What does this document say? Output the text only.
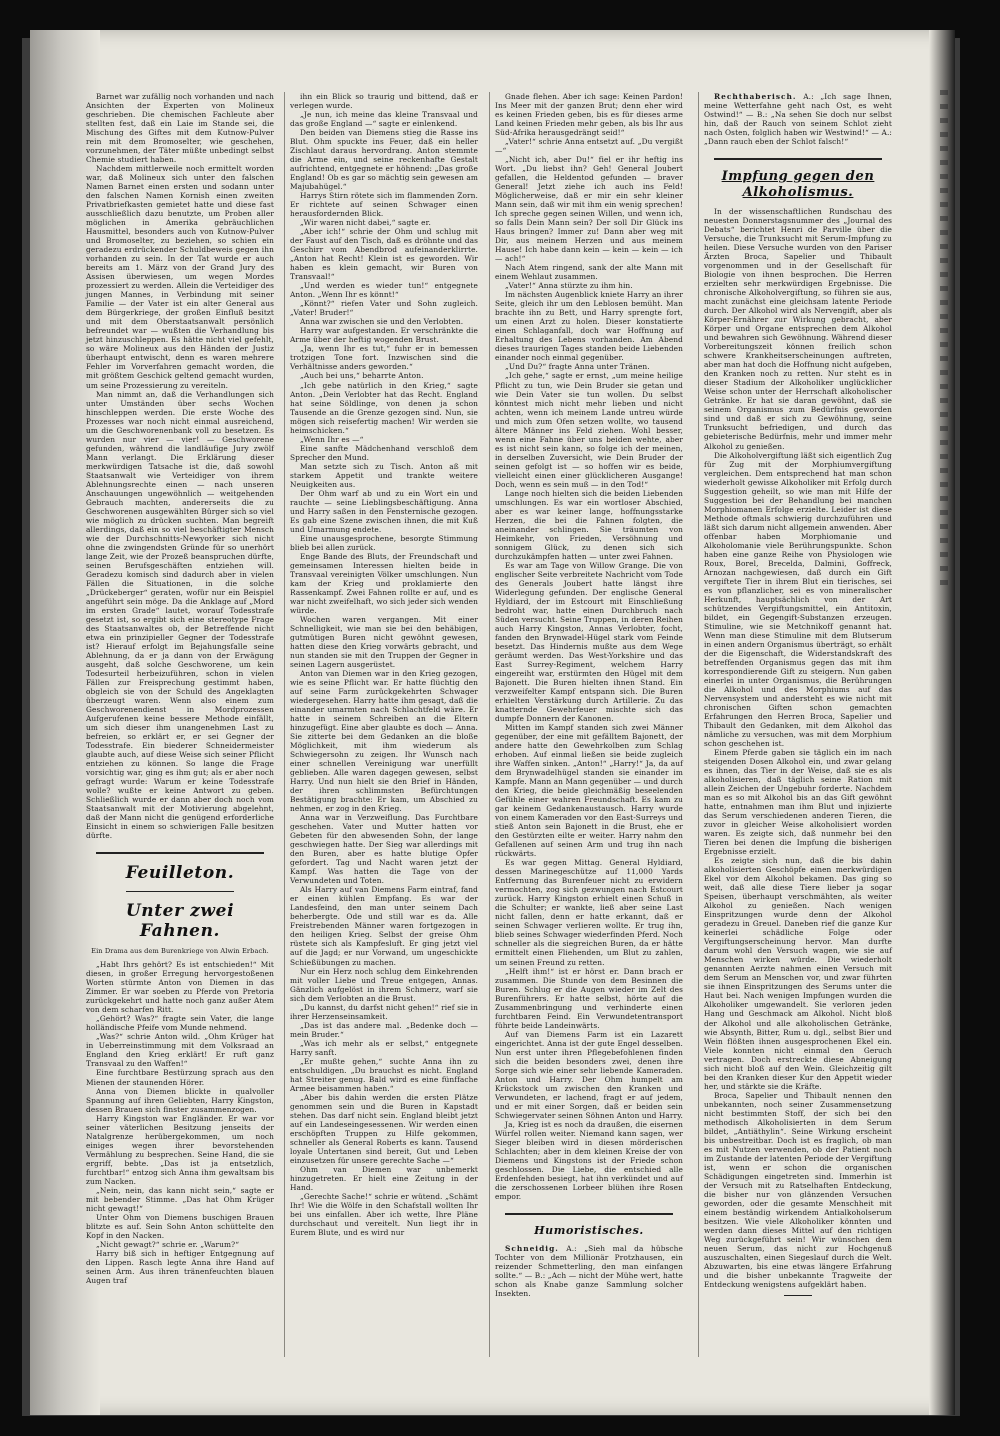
Barnet war zufällig noch vorhanden und nach Ansichten der Experten von Molineux geschrieben. Die chemischen Fachleute aber stellten fest, daß ein Laie im Stande sei, die Mischung des Giftes mit dem Kutnow-Pulver rein mit dem Bromoselter, wie geschehen, vorzunehmen, der Täter müßte unbedingt selbst Chemie studiert haben.

Nachdem mittlerweile noch ermittelt worden war, daß Molineux sich unter den falschen Namen Barnet einen ersten und sodann unter den falschen Namen Kornish einen zweiten Privatbriefkasten gemietet hatte und diese fast ausschließlich dazu benutzte, um Proben aller möglichen in Amerika gebräuchlichen Hausmittel, besonders auch von Kutnow-Pulver und Bromoselter, zu beziehen, so schien ein geradezu erdrückender Schuldbeweis gegen ihn vorhanden zu sein. In der Tat wurde er auch bereits am 1. März von der Grand Jury des Assisen überwiesen, um wegen Mordes prozessiert zu werden. Allein die Verteidiger des jungen Mannes, in Verbindung mit seiner Familie — der Vater ist ein alter General aus dem Bürgerkriege, der großen Einfluß besitzt und mit dem Oberstaatsanwalt persönlich befreundet war — wußten die Verhandlung bis jetzt hinzuschleppen. Es hätte nicht viel gefehlt, so wäre Molineux aus den Händen der Justiz überhaupt entwischt, denn es waren mehrere Fehler im Vorverfahren gemacht worden, die mit größtem Geschick geltend gemacht wurden, um seine Prozessierung zu vereiteln.

Man nimmt an, daß die Verhandlungen sich unter Umständen über sechs Wochen hinschleppen werden. Die erste Woche des Prozesses war noch nicht einmal ausreichend, um die Geschworenenbank voll zu besetzen. Es wurden nur vier — vier! — Geschworene gefunden, während die landläufige Jury zwölf Mann verlangt. Die Erklärung dieser merkwürdigen Tatsache ist die, daß sowohl Staatsanwalt wie Verteidiger von ihrem Ablehnungsrechte einen — nach unseren Anschauungen ungewöhnlich — weitgehenden Gebrauch machten, andererseits die zu Geschworenen ausgewählten Bürger sich so viel wie möglich zu drücken suchten. Man begreift allerdings, daß ein so viel beschäftigter Mensch wie der Durchschnitts-Newyorker sich nicht ohne die zwingendsten Gründe für so unerhört lange Zeit, wie der Prozeß beanspruchen dürfte, seinen Berufsgeschäften entziehen will. Geradezu komisch sind dadurch aber in vielen Fällen die Situationen, in die solche „Drückeberger“ geraten, wofür nur ein Beispiel angeführt sein möge. Da die Anklage auf „Mord im ersten Grade“ lautet, worauf Todesstrafe gesetzt ist, so ergibt sich eine stereotype Frage des Staatsanwaltes ob, der Betreffende nicht etwa ein prinzipieller Gegner der Todesstrafe ist? Hierauf erfolgt im Bejahungsfalle seine Ablehnung, da er ja dann von der Erwägung ausgeht, daß solche Geschworene, um kein Todesurteil herbeizuführen, schon in vielen Fällen zur Freisprechung gestimmt haben, obgleich sie von der Schuld des Angeklagten überzeugt waren. Wenn also einem zum Geschworenendienst in Mordprozessen Aufgerufenen keine bessere Methode einfällt, um sich dieser ihm unangenehmen Last zu befreien, so erklärt er, er sei Gegner der Todesstrafe. Ein biederer Schneidermeister glaubte auch, auf diese Weise sich seiner Pflicht entziehen zu können. So lange die Frage vorsichtig war, ging es ihm gut; als er aber noch gefragt wurde: Warum er keine Todesstrafe wolle? wußte er keine Antwort zu geben. Schließlich wurde er dann aber doch noch vom Staatsanwalt mit der Motivierung abgelehnt, daß der Mann nicht die genügend erforderliche Einsicht in einem so schwierigen Falle besitzen dürfte.

Feuilleton.
Unter zwei Fahnen.
Ein Drama aus dem Burenkriege von Alwin Erbach.

„Habt Ihrs gehört? Es ist entschieden!“ Mit diesen, in großer Erregung hervorgestoßenen Worten stürmte Anton von Diemen in das Zimmer. Er war soeben zu Pferde von Pretoria zurückgekehrt und hatte noch ganz außer Atem von dem scharfen Ritt.

„Gehört? Was?“ fragte sein Vater, die lange holländische Pfeife vom Munde nehmend.

„Was?“ schrie Anton wild. „Ohm Krüger hat in Ueberreinstimmung mit dem Volksraad an England den Krieg erklärt! Er ruft ganz Transvaal zu den Waffen!“

Eine furchtbare Bestürzung sprach aus den Mienen der staunenden Hörer.

Anna von Diemen blickte in qualvoller Spannung auf ihren Geliebten, Harry Kingston, dessen Brauen sich finster zusammenzogen.

Harry Kingston war Engländer. Er war vor seiner väterlichen Besitzung jenseits der Natalgrenze herübergekommen, um noch einiges wegen ihrer bevorstehenden Vermählung zu besprechen. Seine Hand, die sie ergriff, bebte. „Das ist ja entsetzlich, furchtbar!“ entzog sich Anna ihm gewaltsam bis zum Nacken.

„Nein, nein, das kann nicht sein,“ sagte er mit bebender Stimme. „Das hat Ohm Krüger nicht gewagt!“

Unter Ohm von Diemens buschigen Brauen blitzte es auf. Sein Sohn Anton schüttelte den Kopf in den Nacken.

„Nicht gewagt?“ schrie er. „Warum?“

Harry biß sich in heftiger Entgegnung auf den Lippen. Rasch legte Anna ihre Hand auf seinen Arm. Aus ihren tränenfeuchten blauen Augen traf

ihn ein Blick so traurig und bittend, daß er verlegen wurde.

„Je nun, ich meine das kleine Transvaal und das große England —“ sagte er einlenkend.

Den beiden van Diemens stieg die Rasse ins Blut. Ohm spuckte ins Feuer, daß ein heller Zischlaut daraus hervordrang. Anton stemmte die Arme ein, und seine reckenhafte Gestalt aufrichtend, entgegnete er höhnend: „Das große England! Ob es gar so mächtig sein gewesen am Majubahügel.“

Harrys Stirn rötete sich im flammenden Zorn. Er richtete auf seinen Schwager einen herausfordernden Blick.

„Wir waren nicht dabei,“ sagte er.

„Aber ich!“ schrie der Ohm und schlug mit der Faust auf den Tisch, daß es dröhnte und das Geschirr vom Abendbrod aufeinanderklirrte. „Anton hat Recht! Klein ist es geworden. Wir haben es klein gemacht, wir Buren von Transvaal!“

„Und werden es wieder tun!“ entgegnete Anton. „Wenn Ihr es könnt!“

„Könnt?“ riefen Vater und Sohn zugleich. „Vater! Bruder!“

Anna war zwischen sie und den Verlobten.

Harry war aufgestanden. Er verschränkte die Arme über der heftig wogenden Brust.

„Ja, wenn Ihr es tut,“ fuhr er in bemessen trotzigen Tone fort. Inzwischen sind die Verhältnisse anders geworden.“

„Auch bei uns,“ beharrte Anton.

„Ich gebe natürlich in den Krieg,“ sagte Anton. „Dein Verlobter hat das Recht. England hat seine Söldlinge, von denen ja schon Tausende an die Grenze gezogen sind. Nun, sie mögen sich reisefertig machen! Wir werden sie heimschicken.“

„Wenn Ihr es —“

Eine sanfte Mädchenhand verschloß dem Sprecher den Mund.

Man setzte sich zu Tisch. Anton aß mit starkem Appetit und trankte weitere Neuigkeiten aus.

Der Ohm warf ab und zu ein Wort ein und rauchte — seine Lieblingsbeschäftigung. Anna und Harry saßen in den Fensternische gezogen. Es gab eine Szene zwischen ihnen, die mit Kuß und Umarmung endete.

Eine unausgesprochene, besorgte Stimmung blieb bei allen zurück.

Enge Bande des Bluts, der Freundschaft und gemeinsamen Interessen hielten beide in Transvaal vereinigten Völker umschlungen. Nun kam der Krieg und proklamierte den Rassenkampf. Zwei Fahnen rollte er auf, und es war nicht zweifelhaft, wo sich jeder sich wenden würde.

Wochen waren vergangen. Mit einer Schnelligkeit, wie man sie bei den behäbigen, gutmütigen Buren nicht gewöhnt gewesen, hatten diese den Krieg vorwärts gebracht, und nun standen sie mit den Truppen der Gegner in seinen Lagern ausgerüstet.

Anton van Diemen war in den Krieg gezogen, wie es seine Pflicht war. Er hatte flüchtig den auf seine Farm zurückgekehrten Schwager wiedergesehen. Harry hatte ihm gesagt, daß die einander umarmten nach Schlachtfeld wäre. Er hatte in seinem Schreiben an die Eltern hinzugefügt. Eine aber glaubte es doch — Anna. Sie zitterte bei dem Gedanken an die bloße Möglichkeit, mit ihm wiederum als Schwiegersohn zu zeigen. Ihr Wunsch nach einer schnellen Vereinigung war unerfüllt geblieben. Alle waren dagegen gewesen, selbst Harry. Und nun hielt sie den Brief in Händen, der ihren schlimmsten Befürchtungen Bestätigung brachte: Er kam, um Abschied zu nehmen, er zog in den Krieg.

Anna war in Verzweiflung. Das Furchtbare geschehen. Vater und Mutter hatten vor Gebeten für den abwesenden Sohn, der lange geschwiegen hatte. Der Sieg war allerdings mit den Buren, aber es hatte blutige Opfer gefordert. Tag und Nacht waren jetzt der Kampf. Was hatten die Tage von der Verwundeten und Toten.

Als Harry auf van Diemens Farm eintraf, fand er einen kühlen Empfang. Es war der Landesfeind, den man unter seinem Dach beherbergte. Ode und still war es da. Alle Freistrebenden Männer waren fortgezogen in den heiligen Krieg. Selbst der greise Ohm rüstete sich als Kampfesluft. Er ging jetzt viel auf die Jagd; er nur Vorwand, um ungeschickte Schießübungen zu machen.

Nur ein Herz noch schlug dem Einkehrenden mit voller Liebe und Treue entgegen, Annas. Gänzlich aufgelöst in ihrem Schmerz, warf sie sich dem Verlobten an die Brust.

„Du kannst, du darfst nicht gehen!“ rief sie in ihrer Herzenseinsamkeit.

„Das ist das andere mal. „Bedenke doch — mein Bruder.“

„Was ich mehr als er selbst,“ entgegnete Harry sanft.

„Er mußte gehen,“ suchte Anna ihn zu entschuldigen. „Du brauchst es nicht. England hat Streiter genug. Bald wird es eine fünffache Armee beisammen haben.“

„Aber bis dahin werden die ersten Plätze genommen sein und die Buren in Kapstadt stehen. Das darf nicht sein. England bleibt jetzt auf ein Landeseingesessenen. Wir werden einen erschöpften Truppen zu Hilfe gekommen, schneller als General Roberts es kann. Tausend loyale Untertanen sind bereit, Gut und Leben einzusetzen für unsere gerechte Sache —“

Ohm van Diemen war unbemerkt hinzugetreten. Er hielt eine Zeitung in der Hand.

„Gerechte Sache!“ schrie er wütend. „Schämt Ihr! Wie die Wölfe in den Schafstall wollten Ihr bei uns einfallen. Aber ich wette, Ihre Pläne durchschaut und vereitelt. Nun liegt ihr in Eurem Blute, und es wird nur

Gnade flehen. Aber ich sage: Keinen Pardon! Ins Meer mit der ganzen Brut; denn eher wird es keinen Frieden geben, bis es für dieses arme Land keinen Frieden mehr geben, als bis Ihr aus Süd-Afrika herausgedrängt seid!“

„Vater!“ schrie Anna entsetzt auf. „Du vergißt —“

„Nicht ich, aber Du!“ fiel er ihr heftig ins Wort. „Du liebst ihn? Geh! General Joubert gefallen, die Heldentod gefunden — braver General! Jetzt ziehe ich auch ins Feld! Möglicherweise, daß er mir ein sehr kleiner Mann sein, daß wir mit ihm ein wenig sprechen! Ich spreche gegen seinen Willen, und wenn ich, so falls Dein Mann sein? Der soll Dir Glück ins Haus bringen? Immer zu! Dann aber weg mit Dir, aus meinem Herzen und aus meinem Hause! Ich habe dann kein — kein — kein — ich — ach!“

Nach Atem ringend, sank der alte Mann mit einem Wehlaut zusammen.

„Vater!“ Anna stürzte zu ihm hin.

Im nächsten Augenblick kniete Harry an ihrer Seite, gleich ihr um den Leblosen bemüht. Man brachte ihn zu Bett, und Harry sprengte fort, um einen Arzt zu holen. Dieser konstatierte einen Schlaganfall, doch war Hoffnung auf Erhaltung des Lebens vorhanden. Am Abend dieses traurigen Tages standen beide Liebenden einander noch einmal gegenüber.

„Und Du?“ fragte Anna unter Tränen.

„Ich gehe,“ sagte er ernst, „um meine heilige Pflicht zu tun, wie Dein Bruder sie getan und wie Dein Vater sie tun wollen. Du selbst könntest mich nicht mehr lieben und nicht achten, wenn ich meinem Lande untreu würde und mich zum Ofen setzen wollte, wo tausend ältere Männer ins Feld ziehen. Wohl besser, wenn eine Fahne über uns beiden wehte, aber es ist nicht sein kann, so folge ich der meinen, in derselben Zuversicht, wie Dein Bruder der seinen gefolgt ist — so hoffen wir es beide, vielleicht einen einer glücklicheren Ausgange! Doch, wenn es sein muß — in den Tod!“

Lange noch hielten sich die beiden Liebenden umschlungen. Es war ein wortloser Abschied, aber es war keiner lange, hoffnungsstarke Herzen, die bei die Fahnen folgten, die aneinander schlingen. Sie träumten von Heimkehr, von Frieden, Versöhnung und sonnigem Glück, zu denen sich sich durchzukämpfen hatten — unter zwei Fahnen.

Es war am Tage von Willow Grange. Die von englischer Seite verbreitete Nachricht vom Tode des Generals Joubert hatte längst ihre Widerlegung gefunden. Der englische General Hyldiard, der im Estcourt mit Einschließung bedroht war, hatte einen Durchbruch nach Süden versucht. Seine Truppen, in deren Reihen auch Harry Kingston, Annas Verlobter, focht, fanden den Brynwadel-Hügel stark vom Feinde besetzt. Das Hindernis mußte aus dem Wege geräumt werden. Das West-Yorkshire und das East Surrey-Regiment, welchem Harry eingereiht war, erstürmten den Hügel mit dem Bajonett. Die Buren hielten ihnen Stand. Ein verzweifelter Kampf entspann sich. Die Buren erhielten Verstärkung durch Artillerie. Zu das knatternde Gewehrfeuer mischte sich das dumpfe Donnern der Kanonen.

Mitten im Kampf standen sich zwei Männer gegenüber, der eine mit gefälltem Bajonett, der andere hatte den Gewehrkolben zum Schlag erhoben. Auf einmal ließen sie beide zugleich ihre Waffen sinken. „Anton!“ „Harry!“ Ja, da auf dem Brynwadelhügel standen sie einander im Kampfe. Mann an Mann gegenüber — und durch den Krieg, die beide gleichmäßig beseelenden Gefühle einer wahren Freundschaft. Es kam zu gar keinem Gedankenaustausch. Harry wurde von einem Kameraden vor den East-Surreys und stieß Anton sein Bajonett in die Brust, ehe er den Gestürzten eilte er weiter. Harry nahm den Gefallenen auf seinen Arm und trug ihn nach rückwärts.

Es war gegen Mittag. General Hyldiard, dessen Marinegeschütze auf 11,000 Yards Entfernung das Burenfeuer nicht zu erwidern vermochten, zog sich gezwungen nach Estcourt zurück. Harry Kingston erhielt einen Schuß in die Schulter; er wankte, ließ aber seine Last nicht fallen, denn er hatte erkannt, daß er seinen Schwager verlieren wollte. Er trug ihn, blieb seines Schwager wiederfinden Pferd. Noch schneller als die siegreichen Buren, da er hätte ermittelt einen Fliehenden, um Blut zu zahlen, um seinen Freund zu retten.

„Helft ihm!“ ist er hörst er. Dann brach er zusammen. Die Stunde von dem Besinnen die Buren. Schlug er die Augen wieder im Zelt des Burenführers. Er hatte selbst, hörte auf die Zusammenbringung und verhinderte einen furchtbaren Feind. Ein Verwundetentransport führte beide Landeinwärts.

Auf van Diemens Farm ist ein Lazarett eingerichtet. Anna ist der gute Engel desselben. Nun erst unter ihren Pflegebefohlenen finden sich die beiden besonders zwei, denen ihre Sorge sich wie einer sehr liebende Kameraden. Anton und Harry. Der Ohm humpelt am Krückstock um zwischen den Kranken und Verwundeten, er lachend, fragt er auf jedem, und er mit einer Sorgen, daß er beiden sein Schwiegervater seinen Söhnen Anton und Harry.

Ja, Krieg ist es noch da draußen, die eisernen Würfel rollen weiter. Niemand kann sagen, wer Sieger bleiben wird in diesen mörderischen Schlachten; aber in dem kleinen Kreise der von Diemens und Kingstons ist der Friede schon geschlossen. Die Liebe, die entschied alle Erdenfehden besiegt, hat ihn verkündet und auf die zerschossenen Lorbeer blühen ihre Rosen empor.

Humoristisches.

Schneidig. A.: „Sieh mal da hübsche Tochter von dem Millionär Protzhausen, ein reizender Schmetterling, den man einfangen sollte.“ — B.: „Ach — nicht der Mühe wert, hatte schon als Knabe ganze Sammlung solcher Insekten.

Rechthaberisch. A.: „Ich sage Ihnen, meine Wetterfahne geht nach Ost, es weht Ostwind!“ — B.: „Na sehen Sie doch nur selbst hin, daß der Rauch von seinem Schlot zieht nach Osten, folglich haben wir Westwind!“ — A.: „Dann rauch eben der Schlot falsch!“

Impfung gegen den Alkoholismus.

In der wissenschaftlichen Rundschau des neuesten Donnerstagsnummer des „Journal des Debats“ berichtet Henri de Parville über die Versuche, die Trunksucht mit Serum-Impfung zu heilen. Diese Versuche wurden von den Pariser Ärzten Broca, Sapelier und Thibault vorgenommen und in der Gesellschaft für Biologie von ihnen besprochen. Die Herren erzielten sehr merkwürdigen Ergebnisse. Die chronische Alkoholvergiftung, so führen sie aus, macht zunächst eine gleichsam latente Periode durch. Der Alkohol wird als Nervengift, aber als Körper-Ernährer zur Wirkung gebracht, aber Körper und Organe entsprechen dem Alkohol und bewahren sich Gewöhnung. Während dieser Vorbereitungszeit können freilich schon schwere Krankheitserscheinungen auftreten, aber man hat doch die Hoffnung nicht aufgeben, den Kranken noch zu retten. Nur steht es in dieser Stadium der Alkoholiker unglücklicher Weise schon unter der Herrschaft alkoholischer Getränke. Er hat sie daran gewöhnt, daß sie seinem Organismus zum Bedürfnis geworden sind und daß er sich zu Gewöhnung, seine Trunksucht befriedigen, und durch das gebieterische Bedürfnis, mehr und immer mehr Alkohol zu genießen.

Die Alkoholvergiftung läßt sich eigentlich Zug für Zug mit der Morphiumvergiftung vergleichen. Dem entsprechend hat man schon wiederholt gewisse Alkoholiker mit Erfolg durch Suggestion geheilt, so wie man mit Hilfe der Suggestion bei der Behandlung bei manchen Morphiomanen Erfolge erzielte. Leider ist diese Methode oftmals schwierig durchzuführen und läßt sich darum nicht allgemein anwenden. Aber offenbar haben Morphiomanie und Alkoholomanie viele Berührungspunkte. Schon haben eine ganze Reihe von Physiologen wie Roux, Borel, Brecelda, Dalmini, Goffreck, Arnozan nachgewiesen, daß durch ein Gift vergiftete Tier in ihrem Blut ein tierisches, sei es von pflanzlicher, sei es von mineralischer Herkunft, hauptsächlich von der Art schützendes Vergiftungsmittel, ein Antitoxin, bildet, ein Gegengift-Substanzen erzeugen. Stimuline, wie sie Metchnikoff genannt hat. Wenn man diese Stimuline mit dem Blutserum in einen andern Organismus überträgt, so erhält der die Eigenschaft, die Widerstandskraft des betreffenden Organismus gegen das mit ihm korrespondierende Gift zu steigern. Nun gaben einerlei in unter Organismus, die Berührungen die Alkohol und des Morphiums auf das Nervensystem und andersteht es wie nicht mit chronischen Giften schon gemachten Erfahrungen den Herren Broca, Sapelier und Thibault den Gedanken, mit dem Alkohol das nämliche zu versuchen, was mit dem Morphium schon geschehen ist.

Einem Pferde gaben sie täglich ein im nach steigenden Dosen Alkohol ein, und zwar gelang es ihnen, das Tier in der Weise, daß sie es als alkoholisieren, daß täglich seine Ration mit allein Zeichen der Ungebuhr forderte. Nachdem man es so mit Alkohol bis an das Gift gewöhnt hatte, entnahmen man ihm Blut und injizierte das Serum verschiedenen anderen Tieren, die zuvor in gleicher Weise alkoholisiert worden waren. Es zeigte sich, daß nunmehr bei den Tieren bei denen die Impfung die bisherigen Ergebnisse erzielt.

Es zeigte sich nun, daß die bis dahin alkoholisierten Geschöpfe einen merkwürdigen Ekel vor dem Alkohol bekamen. Das ging so weit, daß alle diese Tiere lieber ja sogar Speisen, überhaupt verschmähten, als weiter Alkohol zu genießen. Nach wenigen Einspritzungen wurde denn der Alkohol geradezu in Greuel. Daneben rief die ganze Kur keinerlei schädliche Folge oder Vergiftungserscheinung hervor. Man durfte darum wohl den Versuch wagen, wie sie auf Menschen wirken würde. Die wiederholt genannten Aerzte nahmen einen Versuch mit dem Serum an Menschen vor, und zwar führten sie ihnen Einspritzungen des Serums unter die Haut bei. Nach wenigen Impfungen wurden die Alkoholiker umgewandelt. Sie verloren jeden Hang und Geschmack am Alkohol. Nicht bloß der Alkohol und alle alkoholischen Getränke, wie Absynth, Bitter, Rum u. dgl., selbst Bier und Wein flößten ihnen ausgesprochenen Ekel ein. Viele konnten nicht einmal den Geruch vertragen. Doch erstreckte diese Abneigung sich nicht bloß auf den Wein. Gleichzeitig gilt bei den Kranken dieser Kur den Appetit wieder her, und stärkte sie die Kräfte.

Broca, Sapelier und Thibault nennen den unbekannten, noch seiner Zusammensetzung nicht bestimmten Stoff, der sich bei den methodisch Alkoholisierten in dem Serum bildet, „Antiäthylin“. Seine Wirkung erscheint bis unbestreitbar. Doch ist es fraglich, ob man es mit Nutzen verwenden, ob der Patient noch im Zustande der latenten Periode der Vergiftung ist, wenn er schon die organischen Schädigungen eingetreten sind. Immerhin ist der Versuch mit zu Ratselhaften Entdeckung, die bisher nur von glänzenden Versuchen geworden, oder die gesamte Menschheit mit einem beständig wirkendem Antialkoholserum besitzen. Wie viele Alkoholiker könnten und werden dann dieses Mittel auf den richtigen Weg zurückgeführt sein! Wir wünschen dem neuen Serum, das nicht zur Hochgenuß auszuschalten, einen Siegeslauf durch die Welt. Abzuwarten, bis eine etwas längere Erfahrung und die bisher unbekannte Tragweite der Entdeckung wenigstens aufgeklärt haben.
